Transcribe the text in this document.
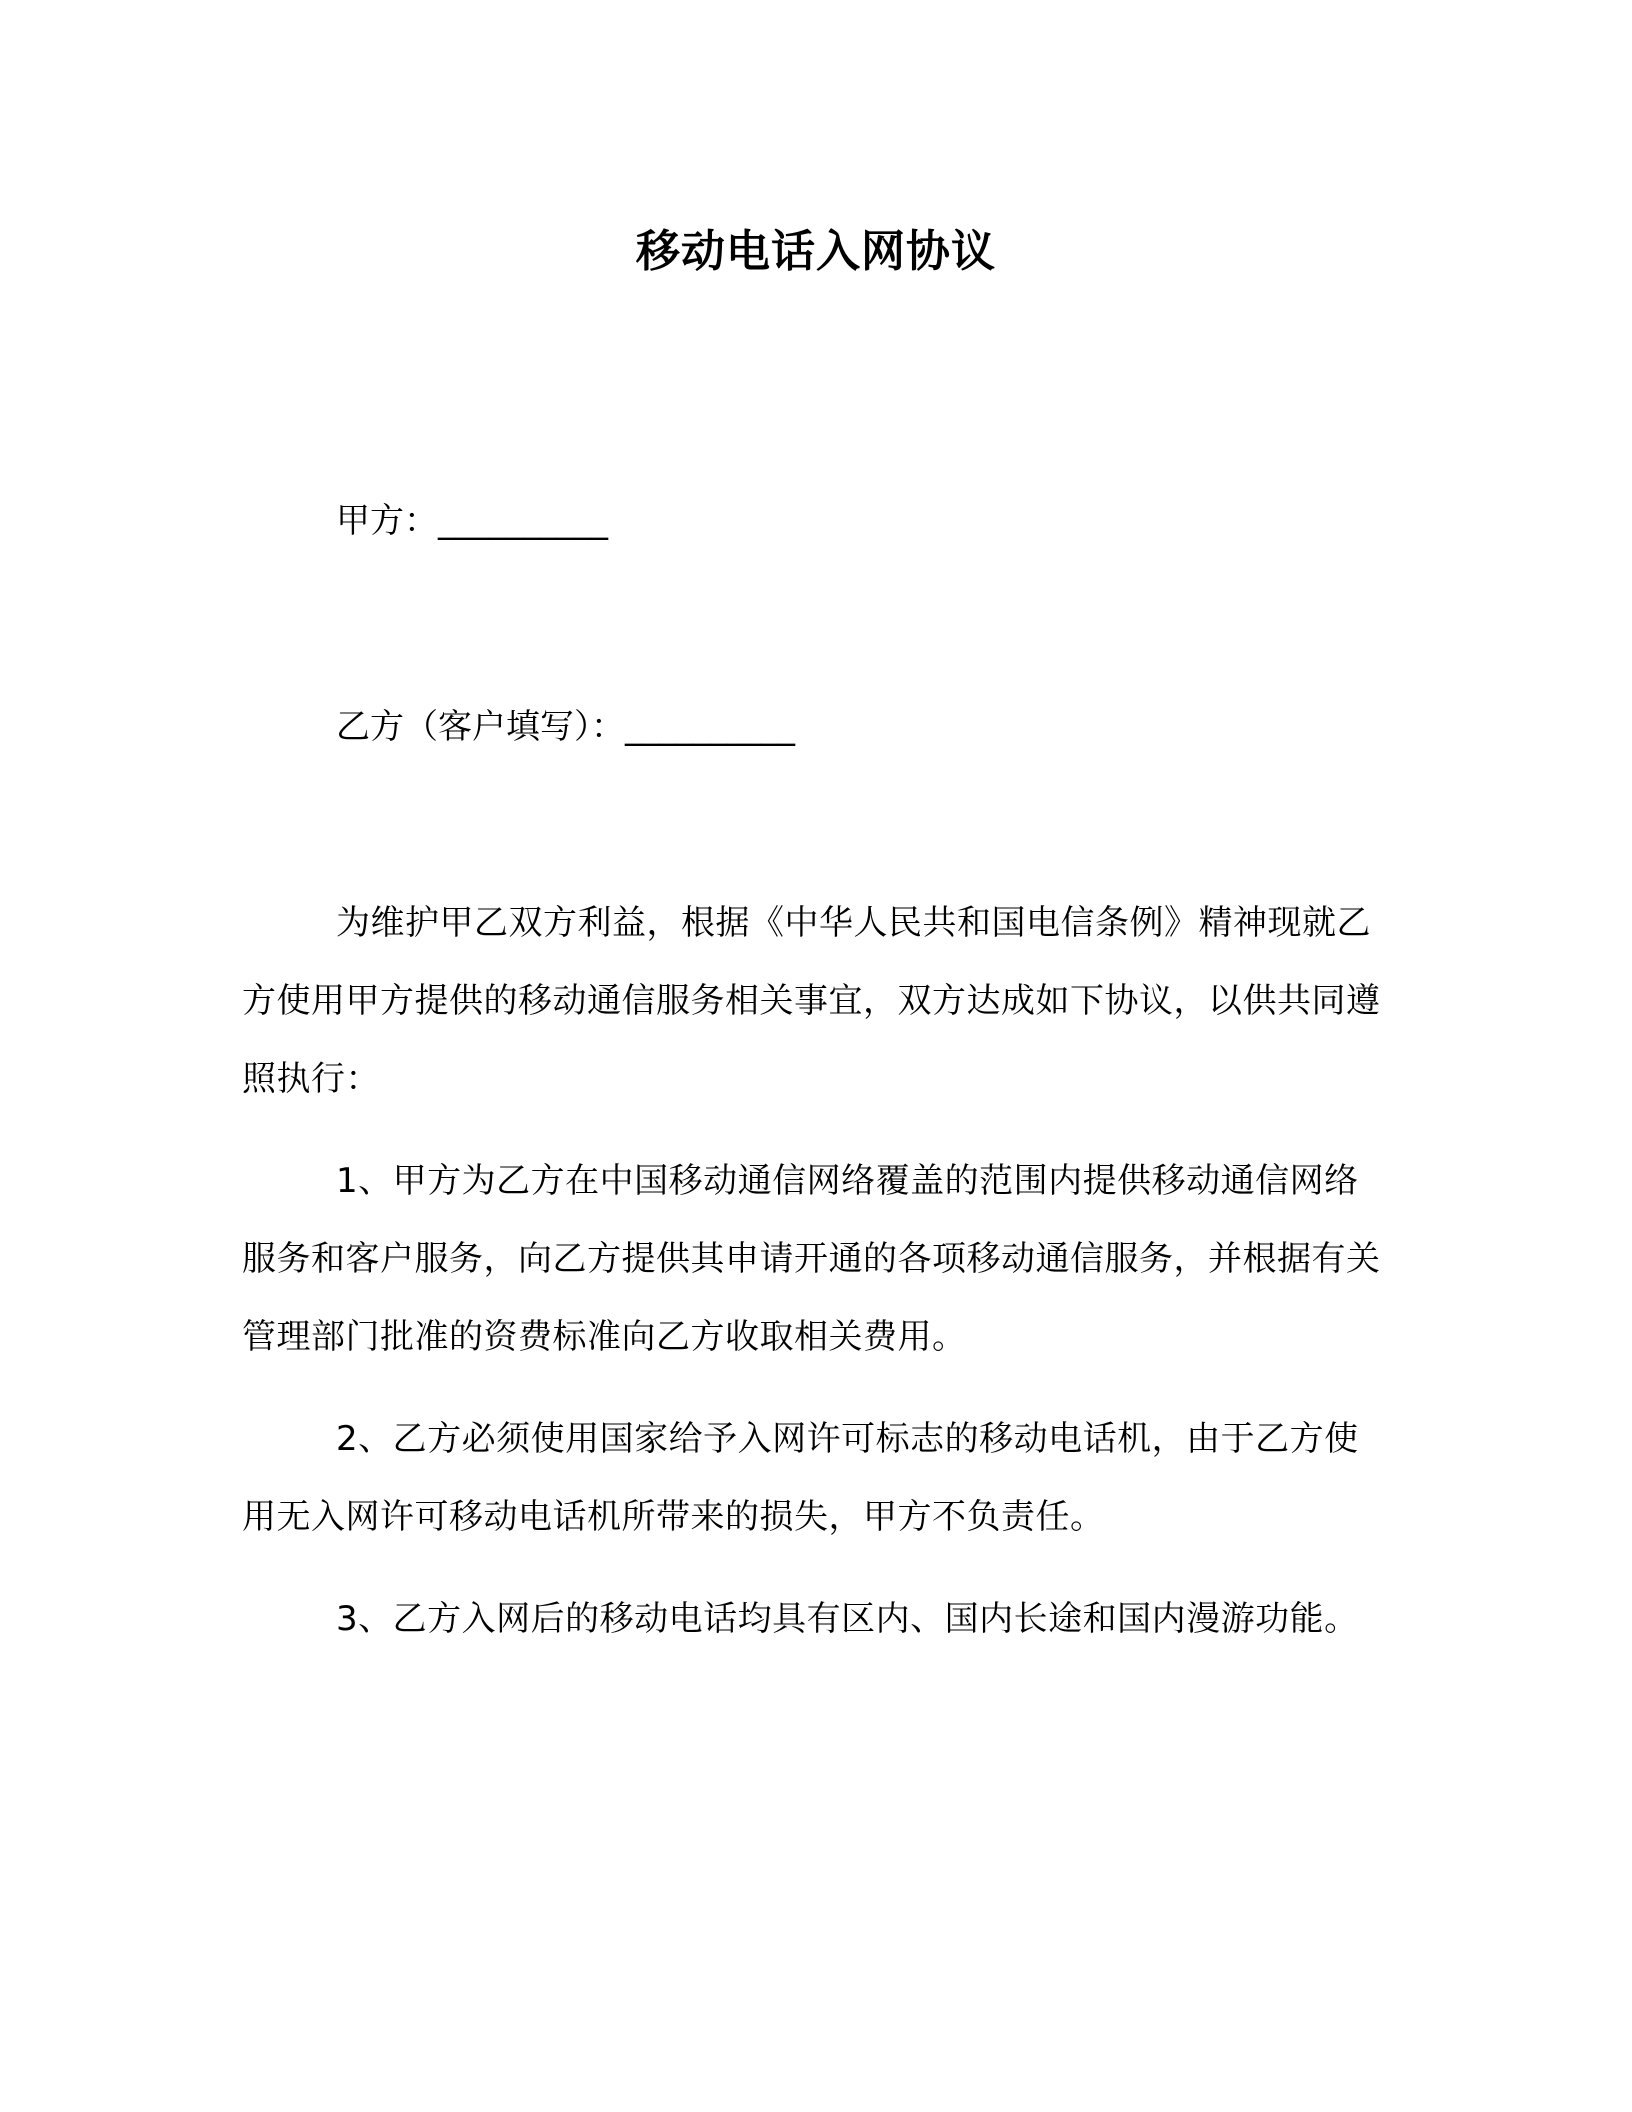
移动电话入网协议
甲方：__________
乙方（客户填写）：__________
为维护甲乙双方利益，根据《中华人民共和国电信条例》精神现就乙方使用甲方提供的移动通信服务相关事宜，双方达成如下协议，以供共同遵照执行：
1、甲方为乙方在中国移动通信网络覆盖的范围内提供移动通信网络服务和客户服务，向乙方提供其申请开通的各项移动通信服务，并根据有关管理部门批准的资费标准向乙方收取相关费用。
2、乙方必须使用国家给予入网许可标志的移动电话机，由于乙方使用无入网许可移动电话机所带来的损失，甲方不负责任。
3、乙方入网后的移动电话均具有区内、国内长途和国内漫游功能。
